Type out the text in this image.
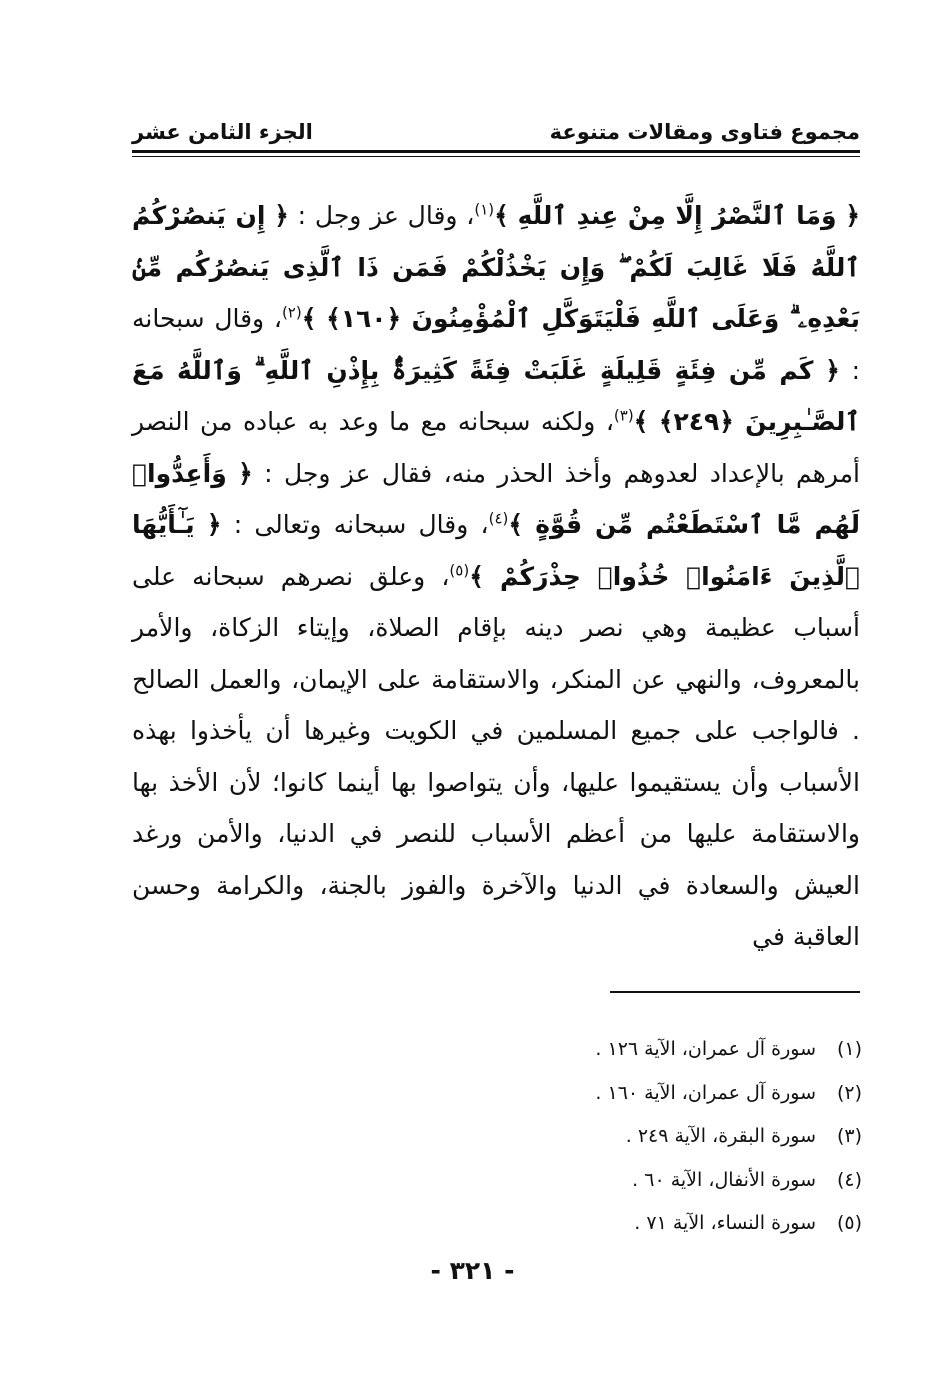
مجموع فتاوى ومقالات متنوعة
الجزء الثامن عشر

﴿ وَمَا ٱلنَّصْرُ إِلَّا مِنْ عِندِ ٱللَّهِ ﴾$^{(١)}$، وقال عز وجل : ﴿ إِن يَنصُرْكُمُ ٱللَّهُ فَلَا غَالِبَ لَكُمْ ۖ وَإِن يَخْذُلْكُمْ فَمَن ذَا ٱلَّذِى يَنصُرُكُم مِّنۢ بَعْدِهِۦ ۗ وَعَلَى ٱللَّهِ فَلْيَتَوَكَّلِ ٱلْمُؤْمِنُونَ ﴿١٦٠﴾ ﴾$^{(٢)}$، وقال سبحانه : ﴿ كَم مِّن فِئَةٍ قَلِيلَةٍ غَلَبَتْ فِئَةً كَثِيرَةًۢ بِإِذْنِ ٱللَّهِ ۗ وَٱللَّهُ مَعَ ٱلصَّـٰبِرِينَ ﴿٢٤٩﴾ ﴾$^{(٣)}$، ولكنه سبحانه مع ما وعد به عباده من النصر أمرهم بالإعداد لعدوهم وأخذ الحذر منه، فقال عز وجل : ﴿ وَأَعِدُّوا۟ لَهُم مَّا ٱسْتَطَعْتُم مِّن قُوَّةٍ ﴾$^{(٤)}$، وقال سبحانه وتعالى : ﴿ يَـٰٓأَيُّهَا ٱلَّذِينَ ءَامَنُوا۟ خُذُوا۟ حِذْرَكُمْ ﴾$^{(٥)}$، وعلق نصرهم سبحانه على أسباب عظيمة وهي نصر دينه بإقام الصلاة، وإيتاء الزكاة، والأمر بالمعروف، والنهي عن المنكر، والاستقامة على الإيمان، والعمل الصالح . فالواجب على جميع المسلمين في الكويت وغيرها أن يأخذوا بهذه الأسباب وأن يستقيموا عليها، وأن يتواصوا بها أينما كانوا؛ لأن الأخذ بها والاستقامة عليها من أعظم الأسباب للنصر في الدنيا، والأمن ورغد العيش والسعادة في الدنيا والآخرة والفوز بالجنة، والكرامة وحسن العاقبة في

(١)سورة آل عمران، الآية ١٢٦ .
(٢)سورة آل عمران، الآية ١٦٠ .
(٣)سورة البقرة، الآية ٢٤٩ .
(٤)سورة الأنفال، الآية ٦٠ .
(٥)سورة النساء، الآية ٧١ .
- ٣٢١ -
